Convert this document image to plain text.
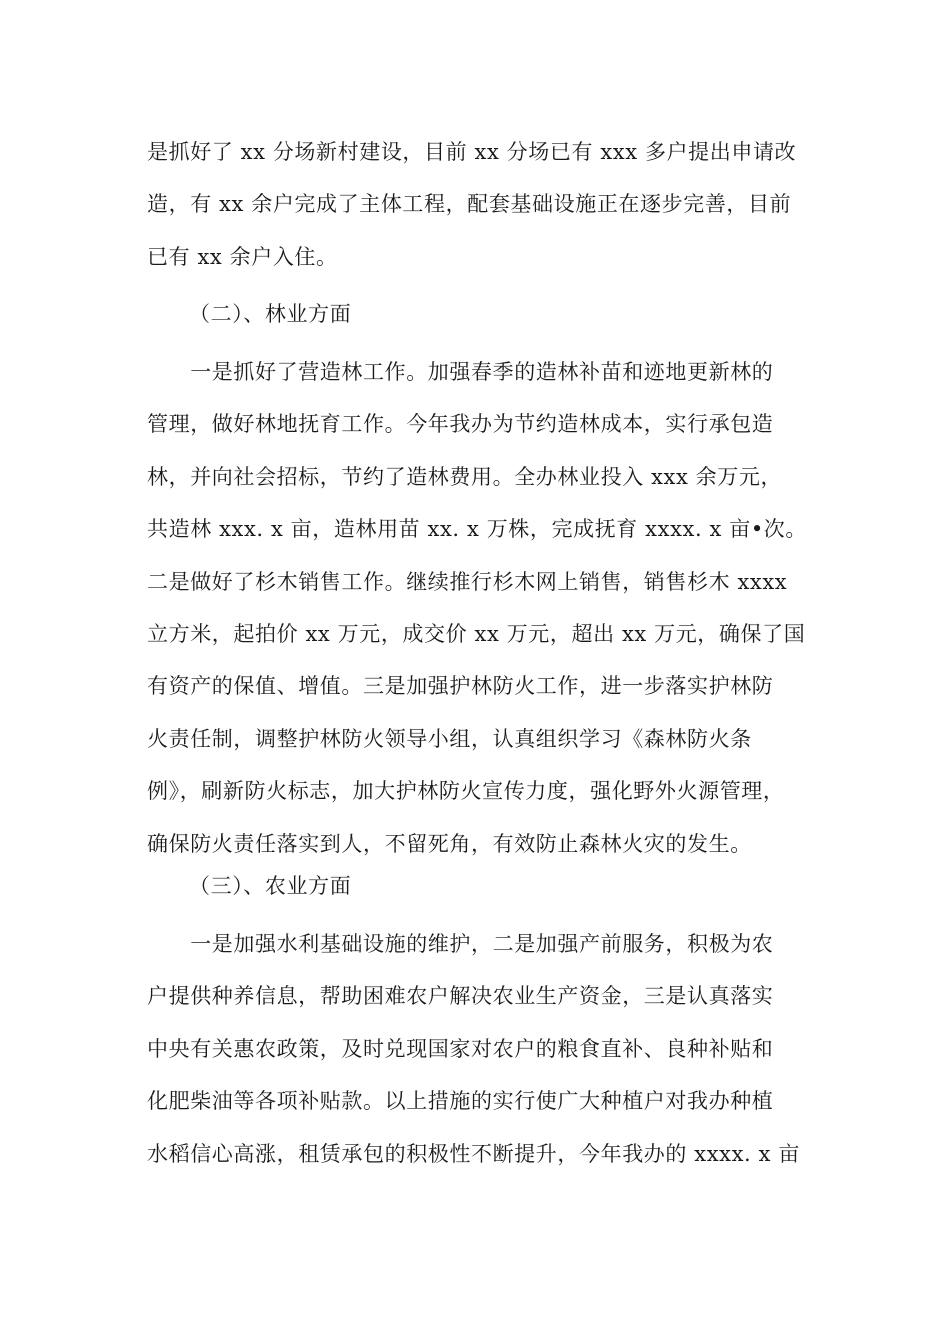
是抓好了 xx 分场新村建设，目前 xx 分场已有 xxx 多户提出申请改
造，有 xx 余户完成了主体工程，配套基础设施正在逐步完善，目前
已有 xx 余户入住。
（二）、林业方面
　　一是抓好了营造林工作。加强春季的造林补苗和迹地更新林的
管理，做好林地抚育工作。今年我办为节约造林成本，实行承包造
林，并向社会招标，节约了造林费用。全办林业投入 xxx 余万元，
共造林 xxx. x 亩，造林用苗 xx. x 万株，完成抚育 xxxx. x 亩•次。
二是做好了杉木销售工作。继续推行杉木网上销售，销售杉木 xxxx
立方米，起拍价 xx 万元，成交价 xx 万元，超出 xx 万元，确保了国
有资产的保值、增值。三是加强护林防火工作，进一步落实护林防
火责任制，调整护林防火领导小组，认真组织学习《森林防火条
例》，刷新防火标志，加大护林防火宣传力度，强化野外火源管理，
确保防火责任落实到人，不留死角，有效防止森林火灾的发生。
（三）、农业方面
　　一是加强水利基础设施的维护，二是加强产前服务，积极为农
户提供种养信息，帮助困难农户解决农业生产资金，三是认真落实
中央有关惠农政策，及时兑现国家对农户的粮食直补、良种补贴和
化肥柴油等各项补贴款。以上措施的实行使广大种植户对我办种植
水稻信心高涨，租赁承包的积极性不断提升，今年我办的 xxxx. x 亩
